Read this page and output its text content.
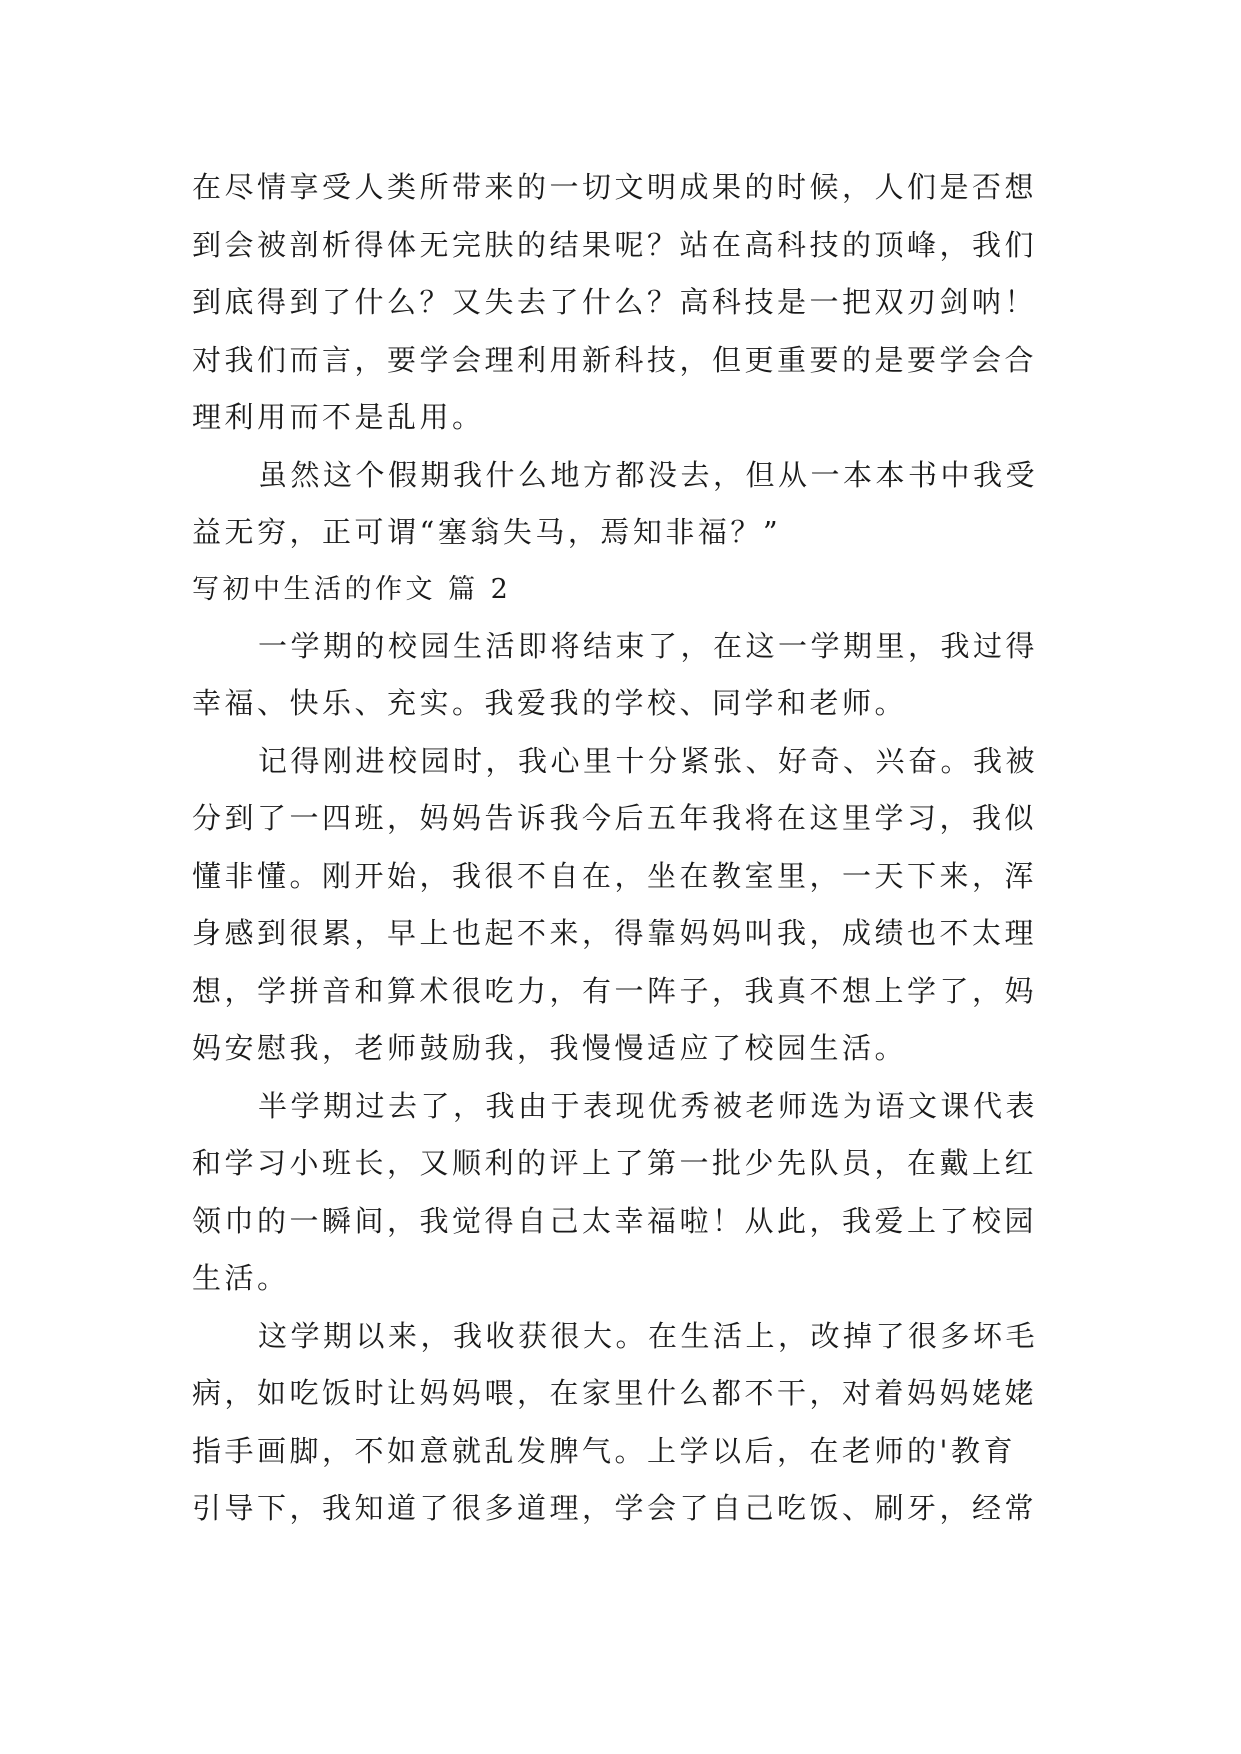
在尽情享受人类所带来的一切文明成果的时候，人们是否想
到会被剖析得体无完肤的结果呢？站在高科技的顶峰，我们
到底得到了什么？又失去了什么？高科技是一把双刃剑呐！
对我们而言，要学会理利用新科技，但更重要的是要学会合
理利用而不是乱用。
虽然这个假期我什么地方都没去，但从一本本书中我受
益无穷，正可谓“塞翁失马，焉知非福？”
写初中生活的作文 篇 2
一学期的校园生活即将结束了，在这一学期里，我过得
幸福、快乐、充实。我爱我的学校、同学和老师。
记得刚进校园时，我心里十分紧张、好奇、兴奋。我被
分到了一四班，妈妈告诉我今后五年我将在这里学习，我似
懂非懂。刚开始，我很不自在，坐在教室里，一天下来，浑
身感到很累，早上也起不来，得靠妈妈叫我，成绩也不太理
想，学拼音和算术很吃力，有一阵子，我真不想上学了，妈
妈安慰我，老师鼓励我，我慢慢适应了校园生活。
半学期过去了，我由于表现优秀被老师选为语文课代表
和学习小班长，又顺利的评上了第一批少先队员，在戴上红
领巾的一瞬间，我觉得自己太幸福啦！从此，我爱上了校园
生活。
这学期以来，我收获很大。在生活上，改掉了很多坏毛
病，如吃饭时让妈妈喂，在家里什么都不干，对着妈妈姥姥
指手画脚，不如意就乱发脾气。上学以后，在老师的'教育
引导下，我知道了很多道理，学会了自己吃饭、刷牙，经常
